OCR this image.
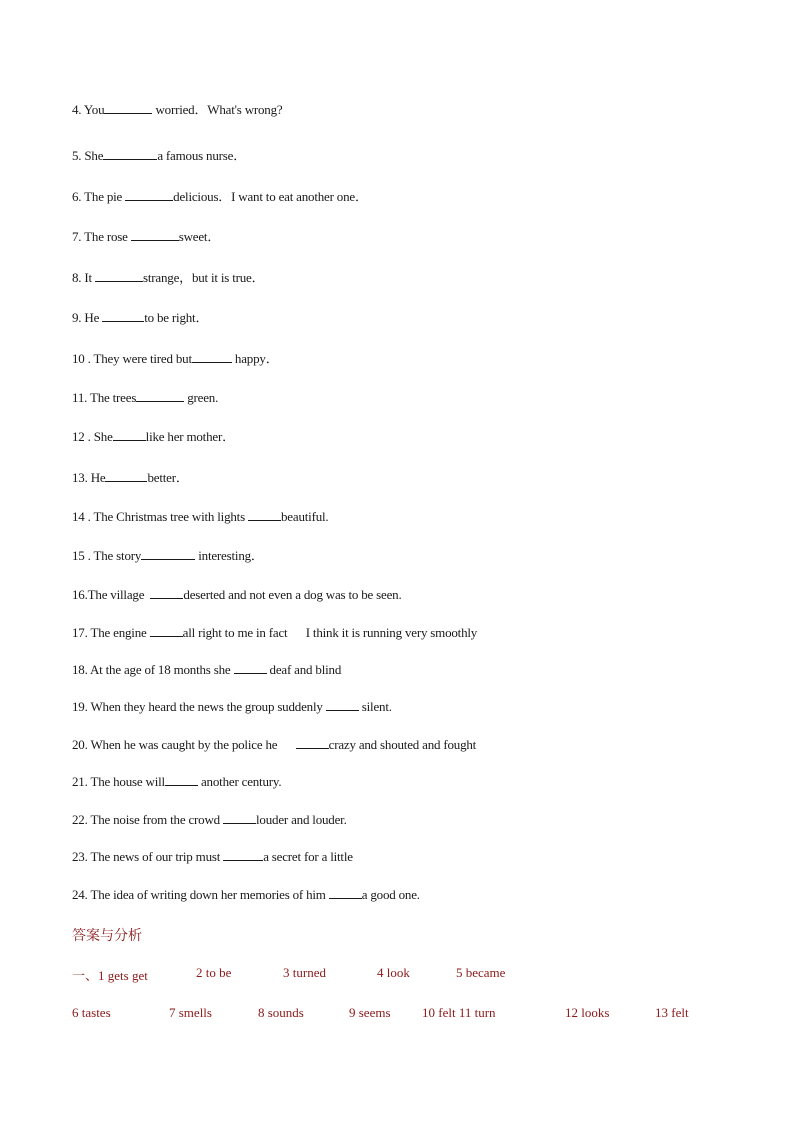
4. You	worried．What's wrong?
5. She	a famous nurse．
6. The pie	delicious．I want to eat another one．
7. The rose	sweet．
8. It	strange，but it is true．
9. He	to be right．
10 . They were tired but	happy．
11. The trees	green.
12 . She	like her mother．
13. He	better．
14 . The Christmas tree with lights	beautiful.
15 . The story	interesting．
16.The village	deserted and not even a dog was to be seen.
17. The engine	all right to me in fact      I think it is running very smoothly
18. At the age of 18 months she	deaf and blind
19. When they heard the news the group suddenly	silent.
20. When he was caught by the police he	crazy and shouted and fought
21. The house will	another century.
22. The noise from the crowd	louder and louder.
23. The news of our trip must	a secret for a little
24. The idea of writing down her memories of him	a good one.
答案与分析
一、1 gets get	2 to be	3 turned	4 look	5 became
6 tastes	7 smells	8 sounds	9 seems 10 felt 11 turn	12 looks	13 felt
